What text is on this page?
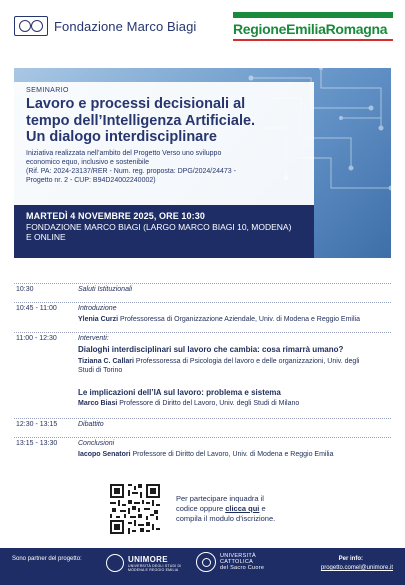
Fondazione Marco Biagi	RegioneEmiliaRomagna
SEMINARIO
Lavoro e processi decisionali al
tempo dell’Intelligenza Artificiale.
Un dialogo interdisciplinare
Iniziativa realizzata nell’ambito del Progetto Verso uno sviluppo
economico equo, inclusivo e sostenibile
(Rif. PA: 2024-23137/RER - Num. reg. proposta: DPG/2024/24473 -
Progetto nr. 2 - CUP: B94D24002240002)
MARTEDÌ 4 NOVEMBRE 2025, ORE 10:30
FONDAZIONE MARCO BIAGI (LARGO MARCO BIAGI 10, MODENA)
E ONLINE
10:30	Saluti Istituzionali
10:45 - 11:00	Introduzione
Ylenia Curzi Professoressa di Organizzazione Aziendale, Univ. di Modena e Reggio Emilia
11:00 - 12:30	Interventi:
Dialoghi interdisciplinari sul lavoro che cambia: cosa rimarrà umano?
Tiziana C. Callari Professoressa di Psicologia del lavoro e delle organizzazioni, Univ. degli
Studi di Torino
Le implicazioni dell’IA sul lavoro: problema e sistema
Marco Biasi Professore di Diritto del Lavoro, Univ. degli Studi di Milano
12:30 - 13:15	Dibattito
13:15 - 13:30	Conclusioni
Iacopo Senatori Professore di Diritto del Lavoro, Univ. di Modena e Reggio Emilia
Per partecipare inquadra il
codice oppure clicca qui e
compila il modulo d’iscrizione.
Sono partner del progetto:	UNIMORE
UNIVERSITÀ DEGLI STUDI DI MODENA E REGGIO EMILIA
UNIVERSITÀ
CATTOLICA
del Sacro Cuore
Per info:
progetto.comel@unimore.it
